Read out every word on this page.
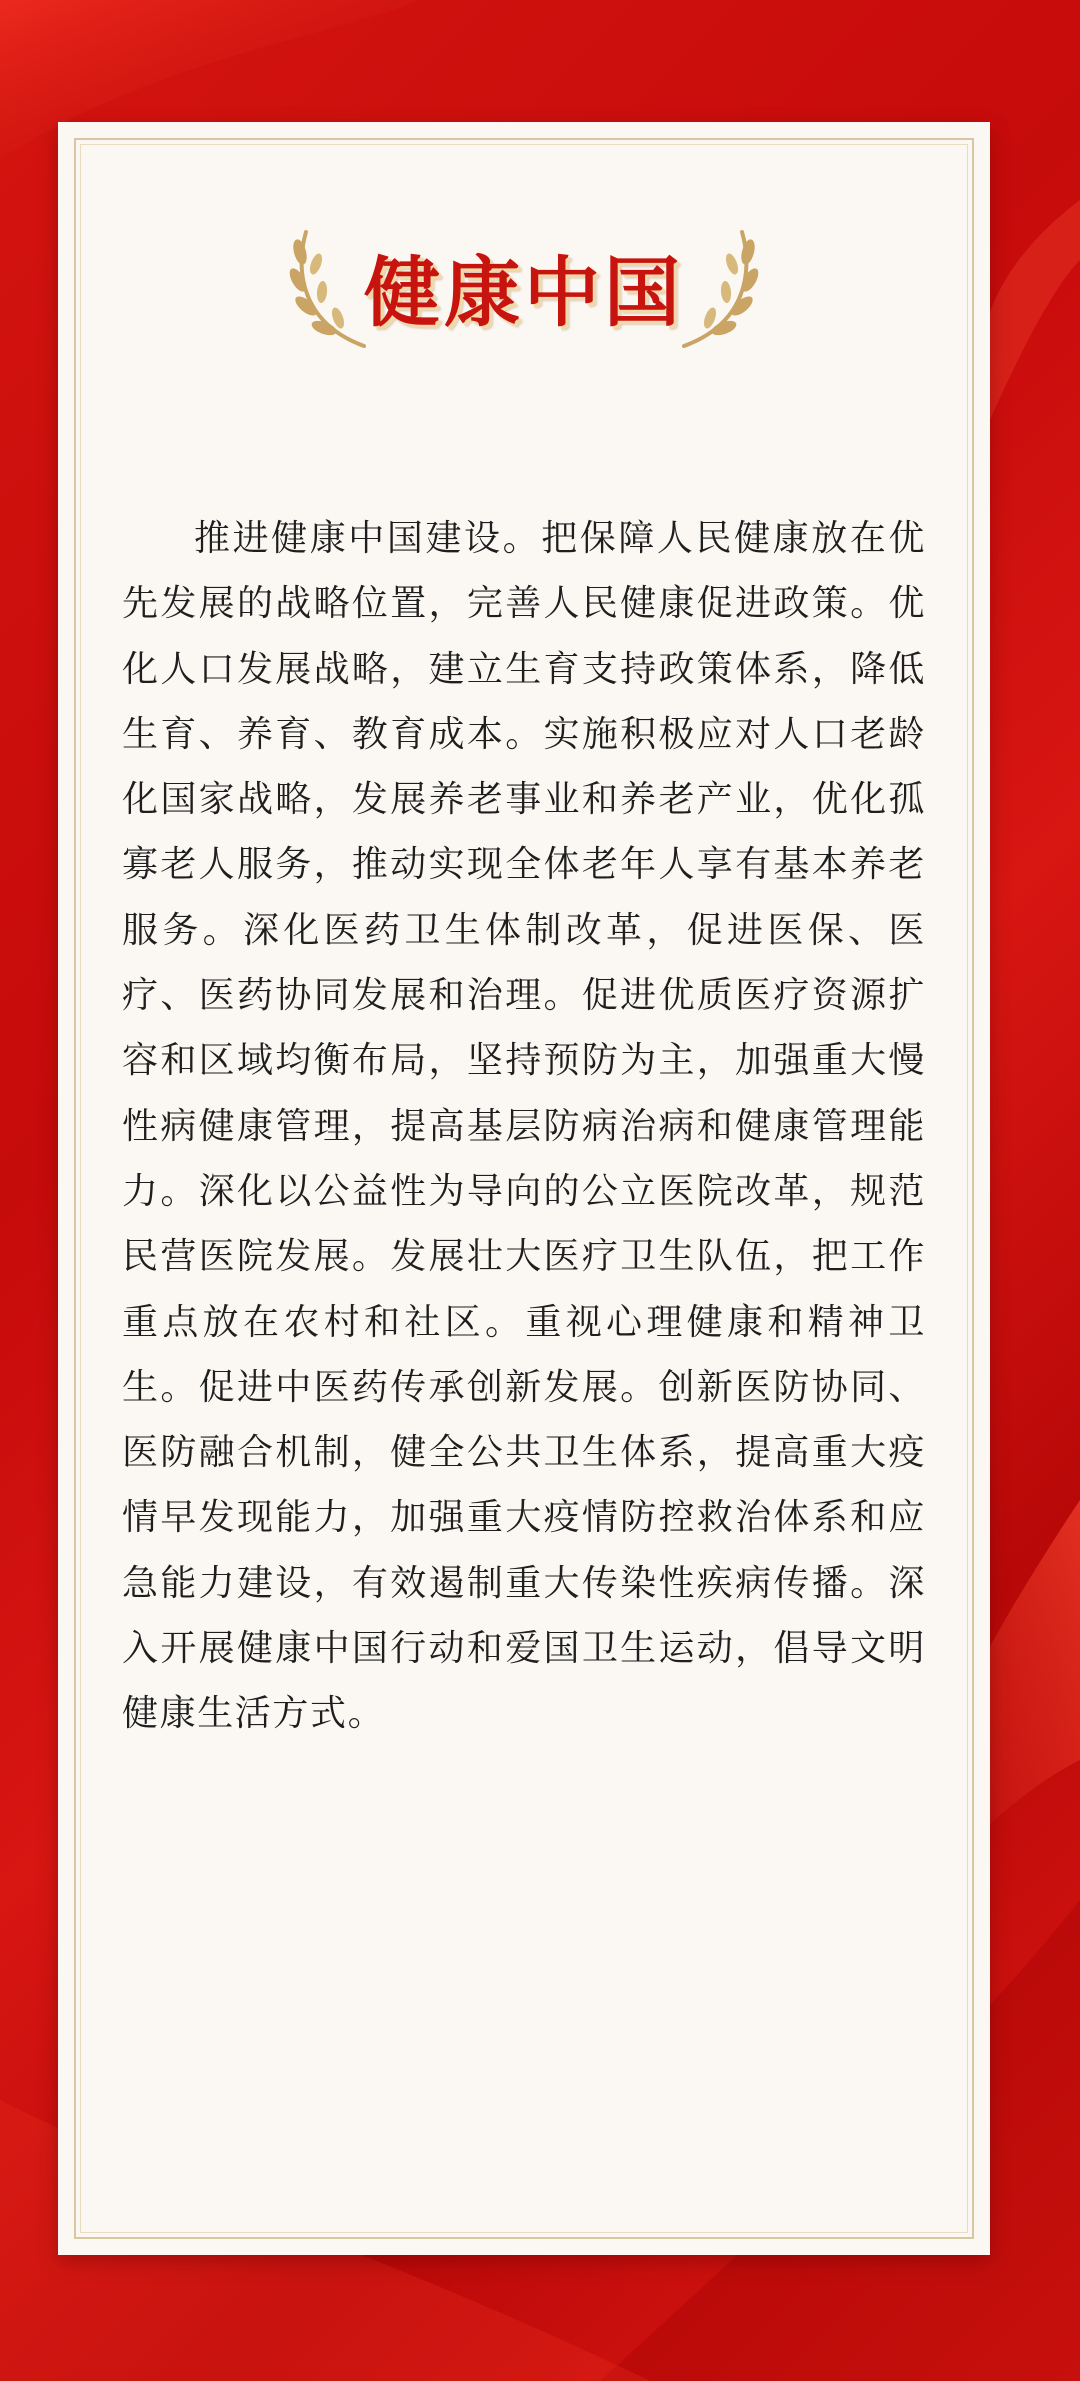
健康中国

推进健康中国建设。把保障人民健康放在优先发展的战略位置，完善人民健康促进政策。优化人口发展战略，建立生育支持政策体系，降低生育、养育、教育成本。实施积极应对人口老龄化国家战略，发展养老事业和养老产业，优化孤寡老人服务，推动实现全体老年人享有基本养老服务。深化医药卫生体制改革，促进医保、医疗、医药协同发展和治理。促进优质医疗资源扩容和区域均衡布局，坚持预防为主，加强重大慢性病健康管理，提高基层防病治病和健康管理能力。深化以公益性为导向的公立医院改革，规范民营医院发展。发展壮大医疗卫生队伍，把工作重点放在农村和社区。重视心理健康和精神卫生。促进中医药传承创新发展。创新医防协同、医防融合机制，健全公共卫生体系，提高重大疫情早发现能力，加强重大疫情防控救治体系和应急能力建设，有效遏制重大传染性疾病传播。深入开展健康中国行动和爱国卫生运动，倡导文明健康生活方式。
